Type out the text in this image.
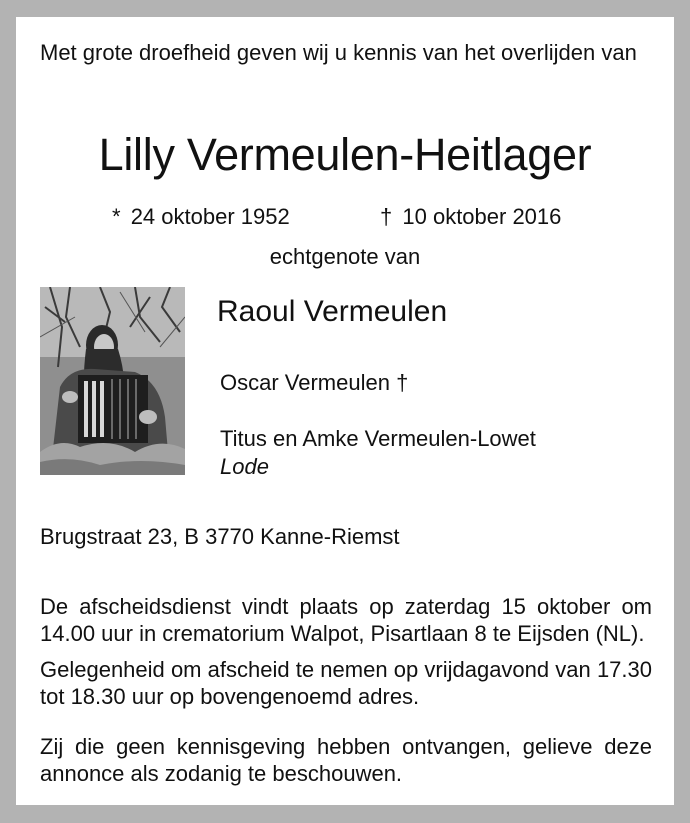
Met grote droefheid geven wij u kennis van het overlijden van
Lilly Vermeulen-Heitlager
* 24 oktober 1952	† 10 oktober 2016
echtgenote van
Raoul Vermeulen
Oscar Vermeulen †
Titus en Amke Vermeulen-Lowet
Lode
Brugstraat 23, B 3770 Kanne-Riemst
De afscheidsdienst vindt plaats op zaterdag 15 oktober om 14.00 uur in crematorium Walpot, Pisartlaan 8 te Eijsden (NL).
Gelegenheid om afscheid te nemen op vrijdagavond van 17.30 tot 18.30 uur op bovengenoemd adres.
Zij die geen kennisgeving hebben ontvangen, gelieve deze annonce als zodanig te beschouwen.
